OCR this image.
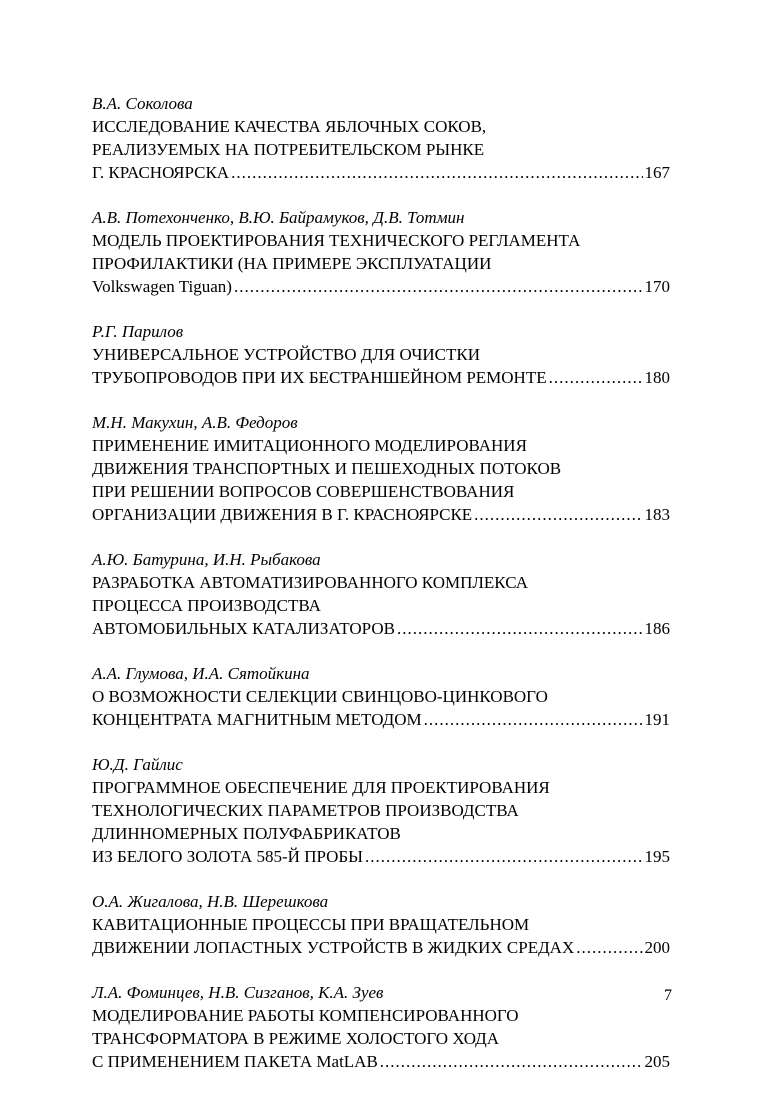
В.А. Соколова
ИССЛЕДОВАНИЕ КАЧЕСТВА ЯБЛОЧНЫХ СОКОВ,
РЕАЛИЗУЕМЫХ НА ПОТРЕБИТЕЛЬСКОМ РЫНКЕ
Г. КРАСНОЯРСКА .....	167
А.В. Потехонченко, В.Ю. Байрамуков, Д.В. Тотмин
МОДЕЛЬ ПРОЕКТИРОВАНИЯ ТЕХНИЧЕСКОГО РЕГЛАМЕНТА
ПРОФИЛАКТИКИ (НА ПРИМЕРЕ ЭКСПЛУАТАЦИИ
Volkswagen Tiguan) .....	170
Р.Г. Парилов
УНИВЕРСАЛЬНОЕ УСТРОЙСТВО ДЛЯ ОЧИСТКИ
ТРУБОПРОВОДОВ ПРИ ИХ БЕСТРАНШЕЙНОМ РЕМОНТЕ .....	180
М.Н. Макухин, А.В. Федоров
ПРИМЕНЕНИЕ ИМИТАЦИОННОГО МОДЕЛИРОВАНИЯ
ДВИЖЕНИЯ ТРАНСПОРТНЫХ И ПЕШЕХОДНЫХ ПОТОКОВ
ПРИ РЕШЕНИИ ВОПРОСОВ СОВЕРШЕНСТВОВАНИЯ
ОРГАНИЗАЦИИ ДВИЖЕНИЯ В Г. КРАСНОЯРСКЕ .....	183
А.Ю. Батурина, И.Н. Рыбакова
РАЗРАБОТКА АВТОМАТИЗИРОВАННОГО КОМПЛЕКСА
ПРОЦЕССА ПРОИЗВОДСТВА
АВТОМОБИЛЬНЫХ КАТАЛИЗАТОРОВ .....	186
А.А. Глумова, И.А. Сятойкина
О ВОЗМОЖНОСТИ СЕЛЕКЦИИ СВИНЦОВО-ЦИНКОВОГО
КОНЦЕНТРАТА МАГНИТНЫМ МЕТОДОМ .....	191
Ю.Д. Гайлис
ПРОГРАММНОЕ ОБЕСПЕЧЕНИЕ ДЛЯ ПРОЕКТИРОВАНИЯ
ТЕХНОЛОГИЧЕСКИХ ПАРАМЕТРОВ ПРОИЗВОДСТВА
ДЛИННОМЕРНЫХ ПОЛУФАБРИКАТОВ
ИЗ БЕЛОГО ЗОЛОТА 585-Й ПРОБЫ .....	195
О.А. Жигалова, Н.В. Шерешкова
КАВИТАЦИОННЫЕ ПРОЦЕССЫ ПРИ ВРАЩАТЕЛЬНОМ
ДВИЖЕНИИ ЛОПАСТНЫХ УСТРОЙСТВ В ЖИДКИХ СРЕДАХ .....	200
Л.А. Фоминцев, Н.В. Сизганов, К.А. Зуев
МОДЕЛИРОВАНИЕ РАБОТЫ КОМПЕНСИРОВАННОГО
ТРАНСФОРМАТОРА В РЕЖИМЕ ХОЛОСТОГО ХОДА
С ПРИМЕНЕНИЕМ ПАКЕТА MatLAB .....	205
7
